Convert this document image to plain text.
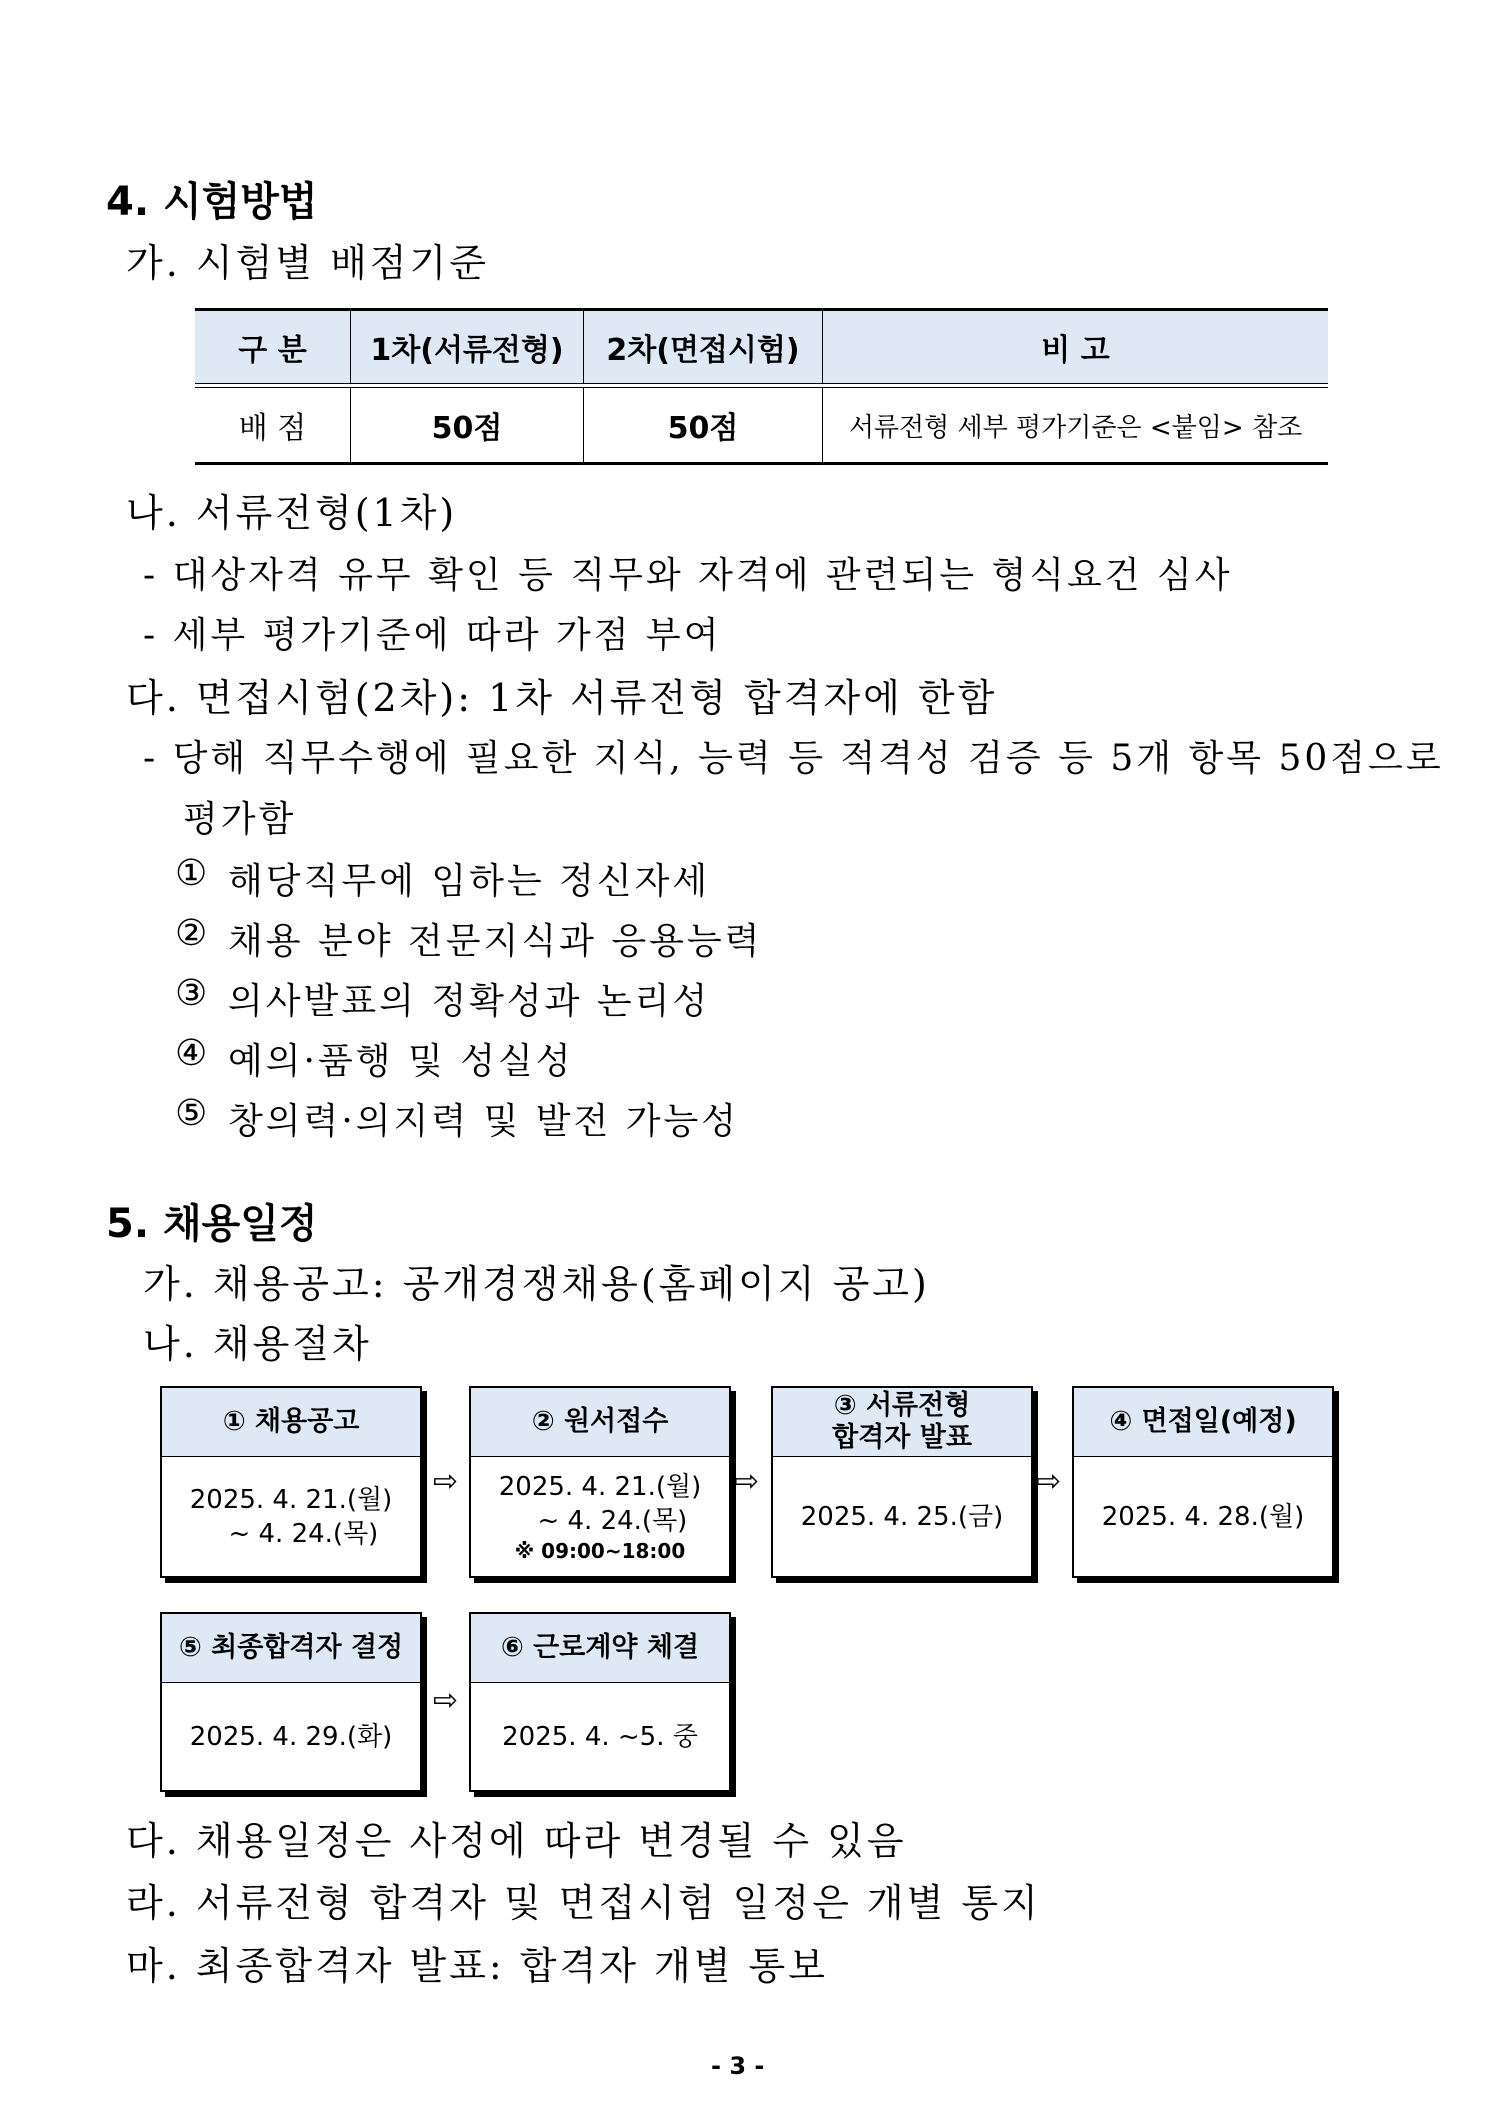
4. 시험방법
가. 시험별 배점기준
구 분	1차(서류전형)	2차(면접시험)	비 고

배 점	50점	50점	서류전형 세부 평가기준은 <붙임> 참조
나. 서류전형(1차)
- 대상자격 유무 확인 등 직무와 자격에 관련되는 형식요건 심사
- 세부 평가기준에 따라 가점 부여
다. 면접시험(2차): 1차 서류전형 합격자에 한함
- 당해 직무수행에 필요한 지식, 능력 등 적격성 검증 등 5개 항목 50점으로
평가함
① 해당직무에 임하는 정신자세
② 채용 분야 전문지식과 응용능력
③ 의사발표의 정확성과 논리성
④ 예의·품행 및 성실성
⑤ 창의력·의지력 및 발전 가능성
5. 채용일정
가. 채용공고: 공개경쟁채용(홈페이지 공고)
나. 채용절차
① 채용공고
2025. 4. 21.(월)
~ 4. 24.(목)
⇨
② 원서접수
2025. 4. 21.(월)
~ 4. 24.(목)
※ 09:00~18:00
⇨
③ 서류전형
합격자 발표
2025. 4. 25.(금)
⇨
④ 면접일(예정)
2025. 4. 28.(월)
⑤ 최종합격자 결정
2025. 4. 29.(화)
⇨
⑥ 근로계약 체결
2025. 4. ~5. 중
다. 채용일정은 사정에 따라 변경될 수 있음
라. 서류전형 합격자 및 면접시험 일정은 개별 통지
마. 최종합격자 발표: 합격자 개별 통보
- 3 -
